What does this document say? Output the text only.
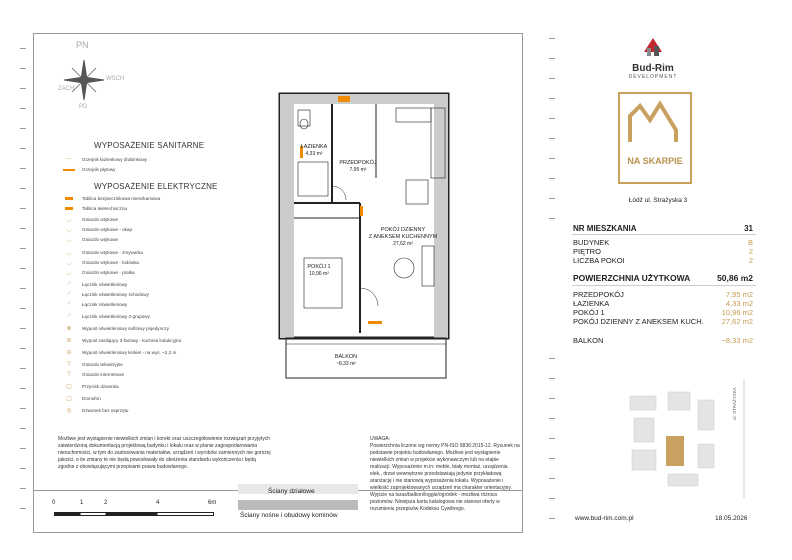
PN
PD
ZACH
WSCH
WYPOSAŻENIE SANITARNE
─	Grzejnik łazienkowy drabinkowy
Grzejnik płytowy
WYPOSAŻENIE ELEKTRYCZNE
Tablica bezpiecznikowa mieszkaniowa
Tablica teletechniczna
◡	Gniazdo wtykowe
◡	Gniazdo wtykowe - okap
◡	Gniazdo wtykowe
◡	Gniazdo wtykowe - zmywarka
◡	Gniazdo wtykowe - lodówka
◡	Gniazdo wtykowe - pralka
♂	Łącznik oświetleniowy
♂	Łącznik oświetleniowy schodowy
♂	Łącznik oświetleniowy
♂	Łącznik oświetleniowy 2-grupowy
⊗	Wypust oświetleniowy sufitowy pojedynczy
⊘	Wypust zasilający 3-fazowy - kuchnia indukcyjna
⊖	Wypust oświetleniowy kinkiet - na wys. ~2,2 m
⊤	Gniazdo telewizyjne
⊤	Gniazdo internetowe
▢	Przycisk dzwonka
▢	Domofon
◎	Dzwonek bez osprzętu
ŁAZIENKA
4,33 m²
PRZEDPOKÓJ
7,95 m²

POKÓJ DZIENNY
Z ANEKSEM KUCHENNYM
27,62 m²

POKÓJ 1
10,96 m²
BALKON
~8,33 m²
Możliwe jest wystąpienie niewielkich zmian i korekt oraz uszczegółowienie rozwiązań przyjętych zatwierdzoną dokumentacją projektową budynku i lokalu oraz w planie zagospodarowania nieruchomości, w tym do zastosowania materiałów, urządzeń i wyrobów zamiennych nie gorszej jakości, o ile zmiany te nie będą powodowały do obniżenia standardu wykończenia i będą zgodne z obowiązującymi przepisami prawa budowlanego.
UWAGA:
Powierzchnia liczone wg normy PN-ISO 9836:2015-12. Rysunek na podstawie projektu budowlanego. Możliwe jest wystąpienie niewielkich zmian w projekcie wykonawczym lub na etapie realizacji. Wyposażenie m.in: meble, biały montaż, urządzenia elek., drzwi wewnętrzne przedstawiają jedynie przykładową aranżację i nie stanowią wyposażenia lokalu. Wyposażenie i wielkość zaprojektowanych urządzeń ma charakter orientacyjny. Wyjście na taras/balkon/loggie/ogródek - mozliwa różnica poziomów. Niniejsza karta katalogowa nie stanowi oferty w rozumieniu przepisów Kodeksu Cywilnego.
0	1	2	4	6m
Ściany działowe
Ściany nośne i obudowy kominów
Bud-Rim
DEVELOPMENT
NA SKARPIE
Łódź ul. Strażyska 3
NR MIESZKANIA	31
BUDYNEK	B
PIĘTRO	2
LICZBA POKOI	2
POWIERZCHNIA UŻYTKOWA	50,86 m2
PRZEDPOKÓJ	7,95 m2
ŁAZIENKA	4,33 m2
POKÓJ 1	10,96 m2
POKÓJ DZIENNY Z ANEKSEM KUCH. 27,62 m2
BALKON	~8,33 m2
ul. STRAŻYSKA
www.bud-rim.com.pl	18.05.2026
